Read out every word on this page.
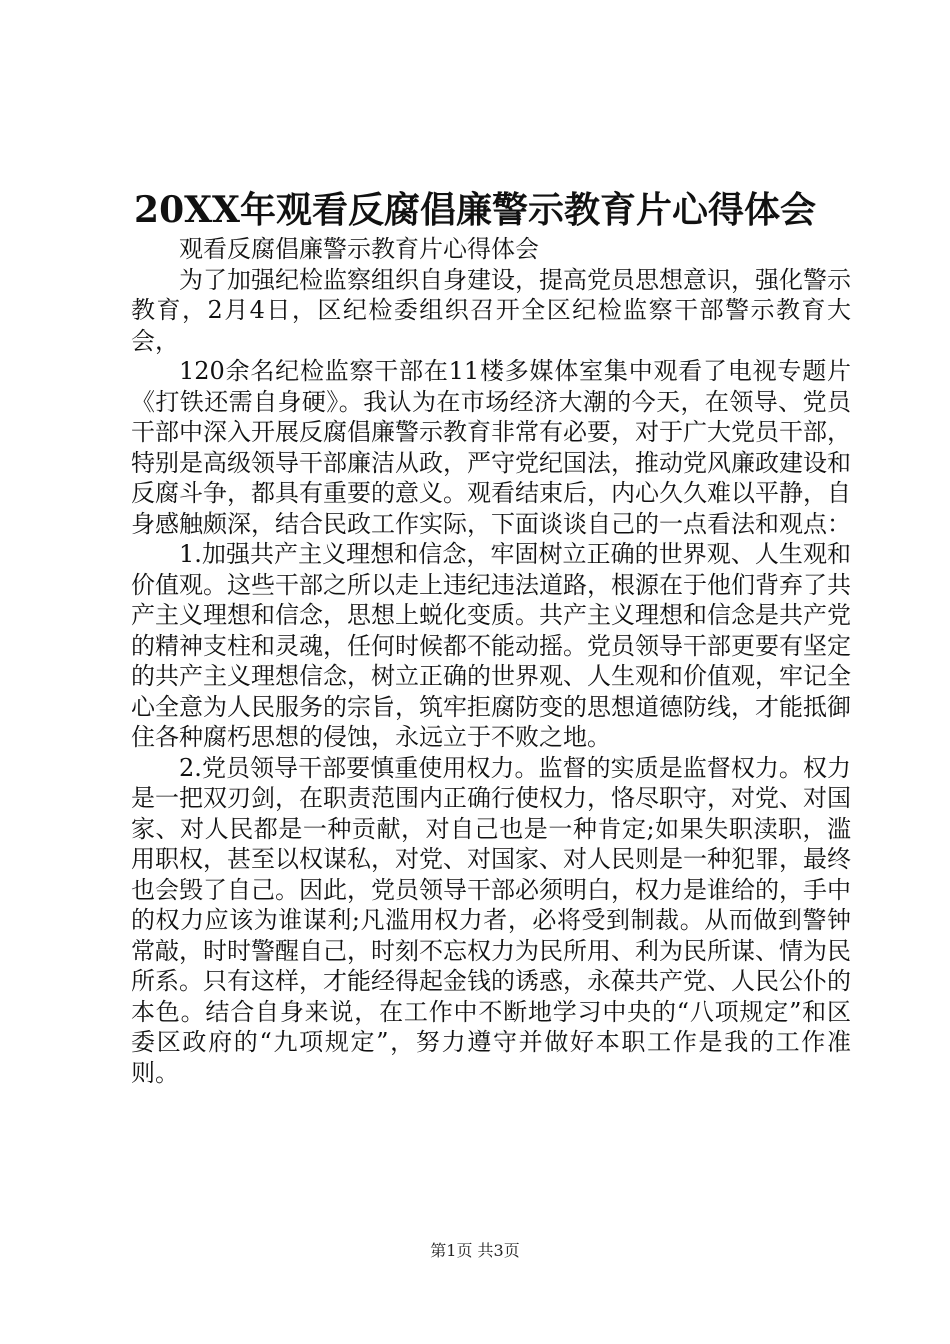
20XX年观看反腐倡廉警示教育片心得体会

观看反腐倡廉警示教育片心得体会

为了加强纪检监察组织自身建设，提高党员思想意识，强化警示教育，2月4日，区纪检委组织召开全区纪检监察干部警示教育大会，

120余名纪检监察干部在11楼多媒体室集中观看了电视专题片《打铁还需自身硬》。我认为在市场经济大潮的今天，在领导、党员干部中深入开展反腐倡廉警示教育非常有必要，对于广大党员干部，特别是高级领导干部廉洁从政，严守党纪国法，推动党风廉政建设和反腐斗争，都具有重要的意义。观看结束后，内心久久难以平静，自身感触颇深，结合民政工作实际，下面谈谈自己的一点看法和观点：

1.加强共产主义理想和信念，牢固树立正确的世界观、人生观和价值观。这些干部之所以走上违纪违法道路，根源在于他们背弃了共产主义理想和信念，思想上蜕化变质。共产主义理想和信念是共产党的精神支柱和灵魂，任何时候都不能动摇。党员领导干部更要有坚定的共产主义理想信念，树立正确的世界观、人生观和价值观，牢记全心全意为人民服务的宗旨，筑牢拒腐防变的思想道德防线，才能抵御住各种腐朽思想的侵蚀，永远立于不败之地。

2.党员领导干部要慎重使用权力。监督的实质是监督权力。权力是一把双刃剑，在职责范围内正确行使权力，恪尽职守，对党、对国家、对人民都是一种贡献，对自己也是一种肯定;如果失职渎职，滥用职权，甚至以权谋私，对党、对国家、对人民则是一种犯罪，最终也会毁了自己。因此，党员领导干部必须明白，权力是谁给的，手中的权力应该为谁谋利;凡滥用权力者，必将受到制裁。从而做到警钟常敲，时时警醒自己，时刻不忘权力为民所用、利为民所谋、情为民所系。只有这样，才能经得起金钱的诱惑，永葆共产党、人民公仆的本色。结合自身来说，在工作中不断地学习中央的“八项规定”和区委区政府的“九项规定”，努力遵守并做好本职工作是我的工作准则。

第1页 共3页
